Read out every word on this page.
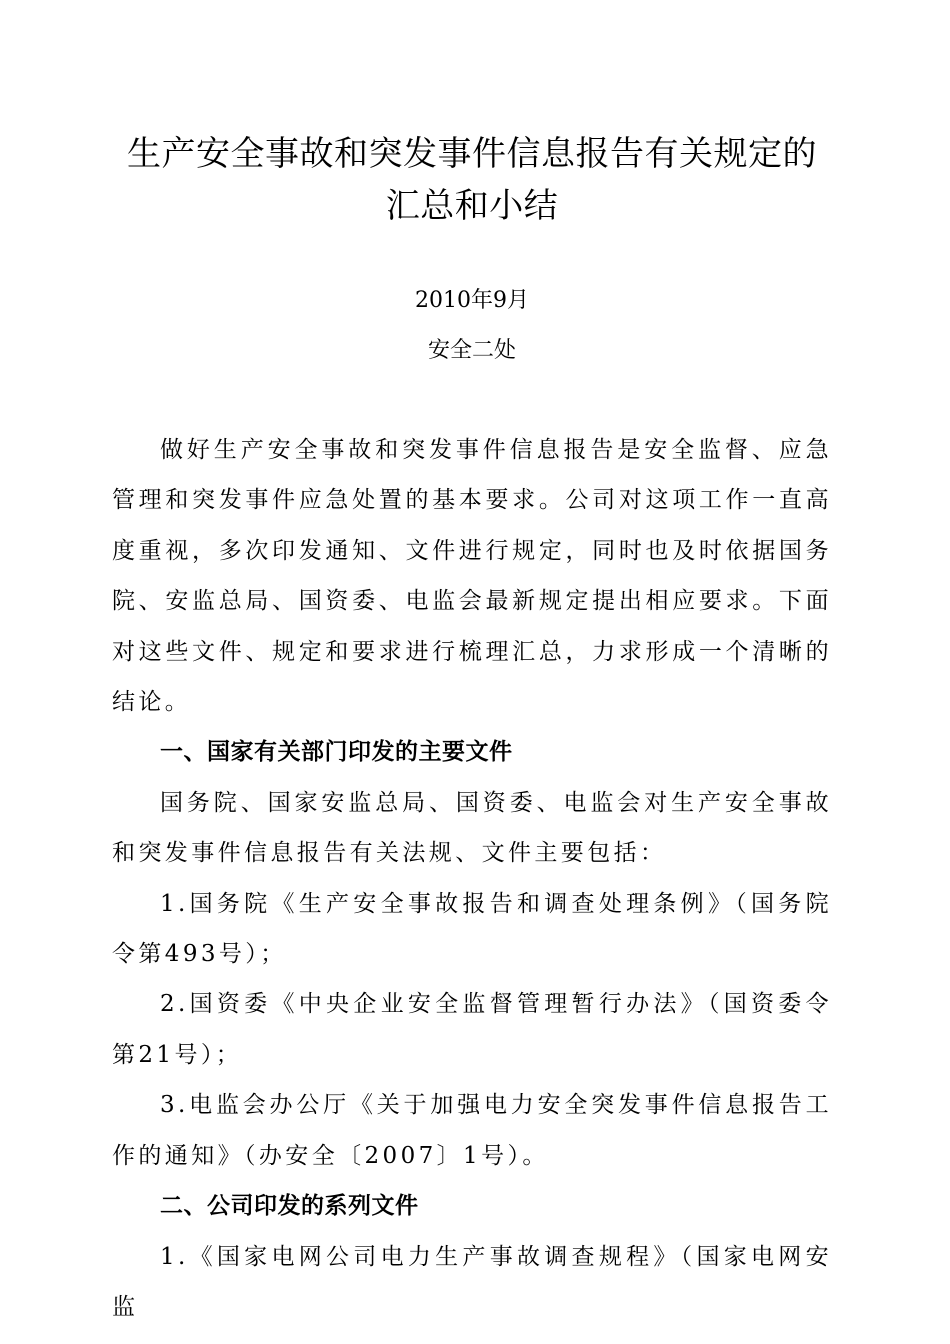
生产安全事故和突发事件信息报告有关规定的
汇总和小结

2010年9月

安全二处

做好生产安全事故和突发事件信息报告是安全监督、应急管理和突发事件应急处置的基本要求。公司对这项工作一直高度重视，多次印发通知、文件进行规定，同时也及时依据国务院、安监总局、国资委、电监会最新规定提出相应要求。下面对这些文件、规定和要求进行梳理汇总，力求形成一个清晰的结论。

一、国家有关部门印发的主要文件

国务院、国家安监总局、国资委、电监会对生产安全事故和突发事件信息报告有关法规、文件主要包括：

1.国务院《生产安全事故报告和调查处理条例》（国务院令第493号）；

2.国资委《中央企业安全监督管理暂行办法》（国资委令第21号）；

3.电监会办公厅《关于加强电力安全突发事件信息报告工作的通知》（办安全〔2007〕1号）。

二、公司印发的系列文件

1.《国家电网公司电力生产事故调查规程》（国家电网安监
